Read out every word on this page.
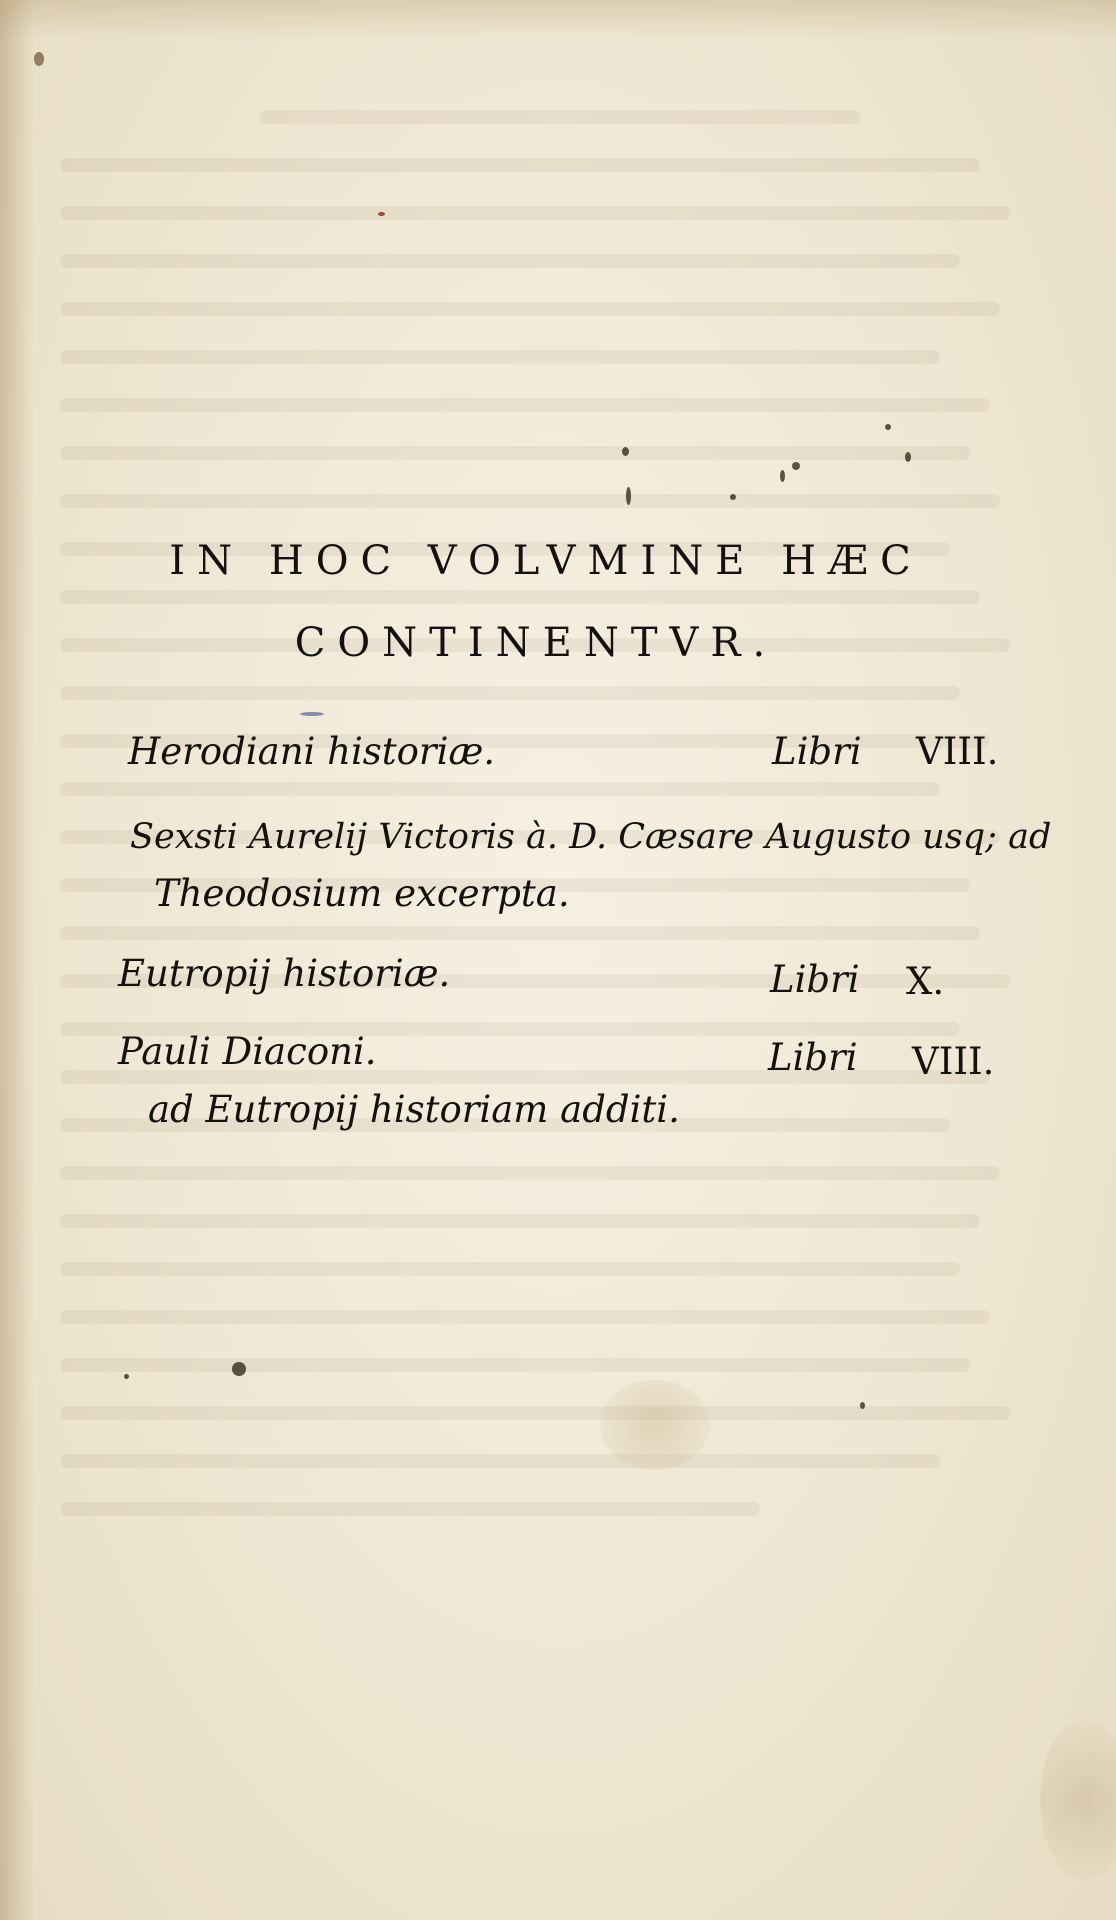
IN HOC VOLVMINE HÆC
CONTINENTVR.
Herodiani historiæ.	Libri VIII.
Sexsti Aurelij Victoris à. D. Cæsare Augusto usq; ad
Theodosium excerpta.
Eutropij historiæ.	Libri X.
Pauli Diaconi.	Libri VIII.
ad Eutropij historiam additi.
